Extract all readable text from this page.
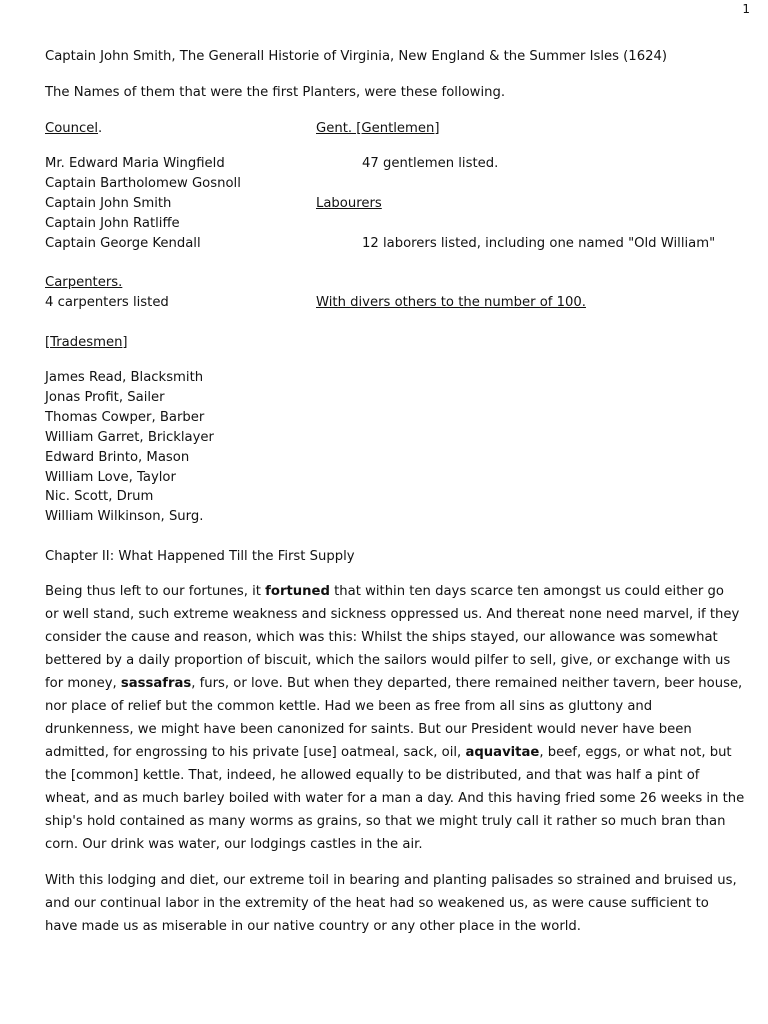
1
Captain John Smith, The Generall Historie of Virginia, New England & the Summer Isles (1624)
The Names of them that were the first Planters, were these following.
Councel.
Mr. Edward Maria Wingfield
Captain Bartholomew Gosnoll
Captain John Smith
Captain John Ratliffe
Captain George Kendall
Gent. [Gentlemen]
47 gentlemen listed.
Labourers
12 laborers listed, including one named "Old William"
Carpenters.
4 carpenters listed	With divers others to the number of 100.
[Tradesmen]
James Read, Blacksmith
Jonas Profit, Sailer
Thomas Cowper, Barber
William Garret, Bricklayer
Edward Brinto, Mason
William Love, Taylor
Nic. Scott, Drum
William Wilkinson, Surg.
Chapter II: What Happened Till the First Supply
Being thus left to our fortunes, it fortuned that within ten days scarce ten amongst us could either go
or well stand, such extreme weakness and sickness oppressed us. And thereat none need marvel, if they
consider the cause and reason, which was this: Whilst the ships stayed, our allowance was somewhat
bettered by a daily proportion of biscuit, which the sailors would pilfer to sell, give, or exchange with us
for money, sassafras, furs, or love. But when they departed, there remained neither tavern, beer house,
nor place of relief but the common kettle. Had we been as free from all sins as gluttony and
drunkenness, we might have been canonized for saints. But our President would never have been
admitted, for engrossing to his private [use] oatmeal, sack, oil, aquavitae, beef, eggs, or what not, but
the [common] kettle. That, indeed, he allowed equally to be distributed, and that was half a pint of
wheat, and as much barley boiled with water for a man a day. And this having fried some 26 weeks in the
ship's hold contained as many worms as grains, so that we might truly call it rather so much bran than
corn. Our drink was water, our lodgings castles in the air.
With this lodging and diet, our extreme toil in bearing and planting palisades so strained and bruised us,
and our continual labor in the extremity of the heat had so weakened us, as were cause sufficient to
have made us as miserable in our native country or any other place in the world.
